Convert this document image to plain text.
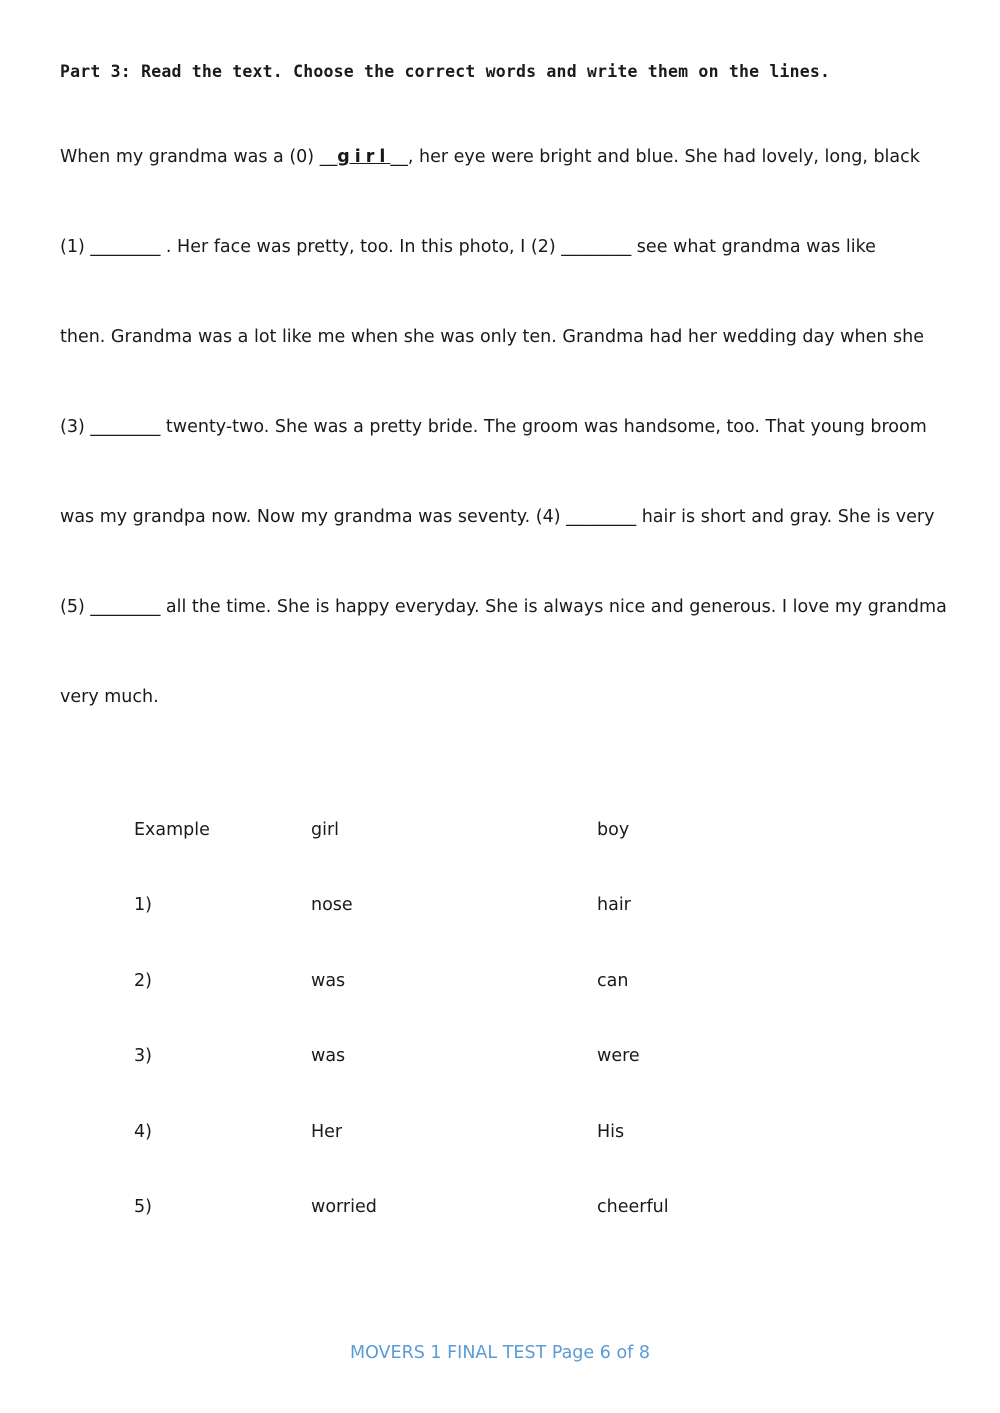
Part 3: Read the text. Choose the correct words and write them on the lines.
When my grandma was a (0) __girl__, her eye were bright and blue. She had lovely, long, black
(1) ________ . Her face was pretty, too. In this photo, I (2) ________ see what grandma was like
then. Grandma was a lot like me when she was only ten. Grandma had her wedding day when she
(3) ________ twenty-two. She was a pretty bride. The groom was handsome, too. That young broom
was my grandpa now. Now my grandma was seventy. (4) ________ hair is short and gray. She is very
(5) ________ all the time. She is happy everyday. She is always nice and generous. I love my grandma
very much.
Example	girl	boy
1)	nose	hair
2)	was	can
3)	was	were
4)	Her	His
5)	worried	cheerful
MOVERS 1 FINAL TEST Page 6 of 8
